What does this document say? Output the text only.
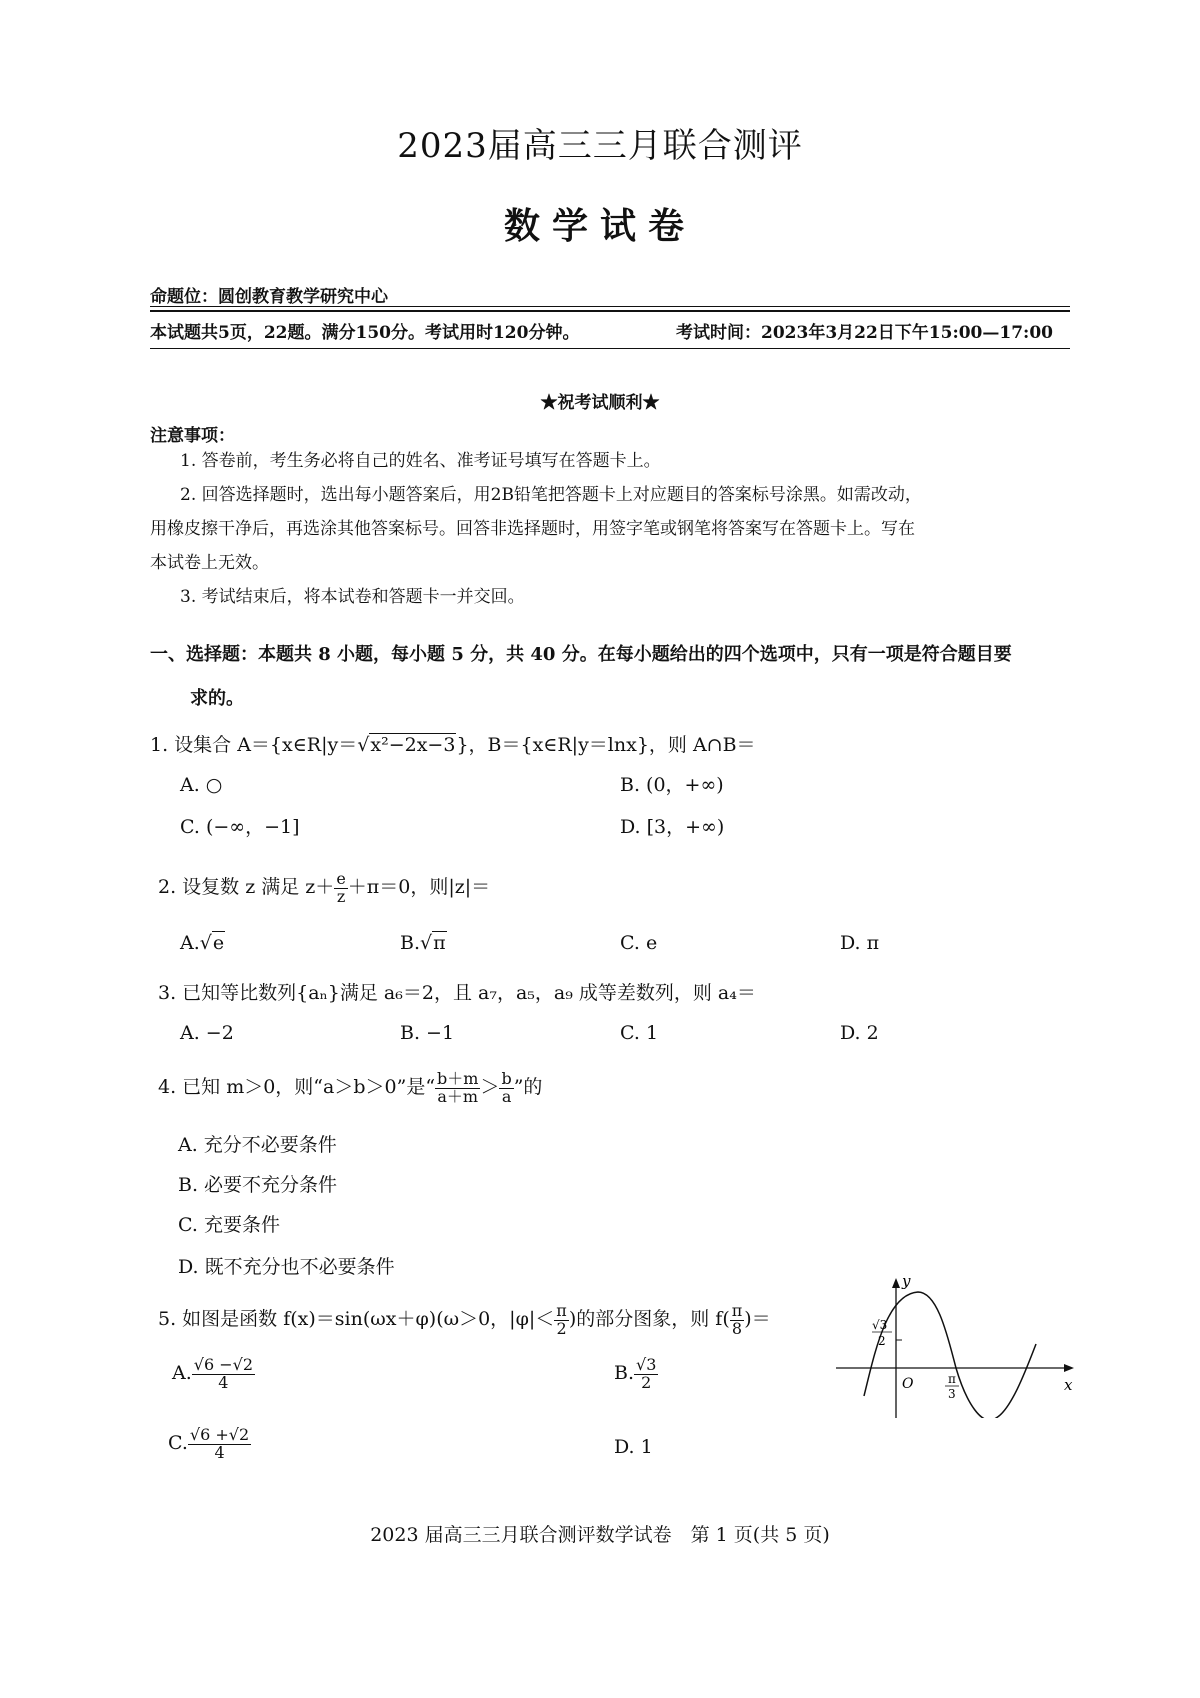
2023届高三三月联合测评
数学试卷
命题位：圆创教育教学研究中心
本试题共5页，22题。满分150分。考试用时120分钟。	考试时间：2023年3月22日下午15:00—17:00
★祝考试顺利★
注意事项：
1. 答卷前，考生务必将自己的姓名、准考证号填写在答题卡上。
2. 回答选择题时，选出每小题答案后，用2B铅笔把答题卡上对应题目的答案标号涂黑。如需改动，
用橡皮擦干净后，再选涂其他答案标号。回答非选择题时，用签字笔或钢笔将答案写在答题卡上。写在
本试卷上无效。
3. 考试结束后，将本试卷和答题卡一并交回。
一、选择题：本题共 8 小题，每小题 5 分，共 40 分。在每小题给出的四个选项中，只有一项是符合题目要
求的。
1. 设集合 A＝{x∈R|y＝√x²−2x−3}，B＝{x∈R|y＝lnx}，则 A∩B＝
A. ○	B. (0，+∞)
C. (−∞，−1]	D. [3，+∞)
2. 设复数 z 满足 $z+ \frac{e}{z} +\pi=0$，则|z|＝
A.√e	B.√π	C. e	D. π
3. 已知等比数列{aₙ}满足 a₆＝2，且 a₇，a₅，a₉ 成等差数列，则 a₄＝
A. −2	B. −1	C. 1	D. 2
4. 已知 m＞0，则“a＞b＞0”是“ $\frac{b+m}{a+m} > \frac{b}{a}$ ”的
A. 充分不必要条件
B. 必要不充分条件
C. 充要条件
D. 既不充分也不必要条件
5. 如图是函数 f(x)＝sin(ωx＋φ)(ω＞0，$|\varphi|< \frac{\pi}{2}$ )的部分图象，则 $f( \frac{\pi}{8}$ )＝
A. $\frac{√6 -√2}{4}$	B. $\frac{√3}{2}$
C. $\frac{√6 +√2}{4}$	D. 1
y
x
O
√3
2
π
3
2023 届高三三月联合测评数学试卷　第 1 页(共 5 页)
